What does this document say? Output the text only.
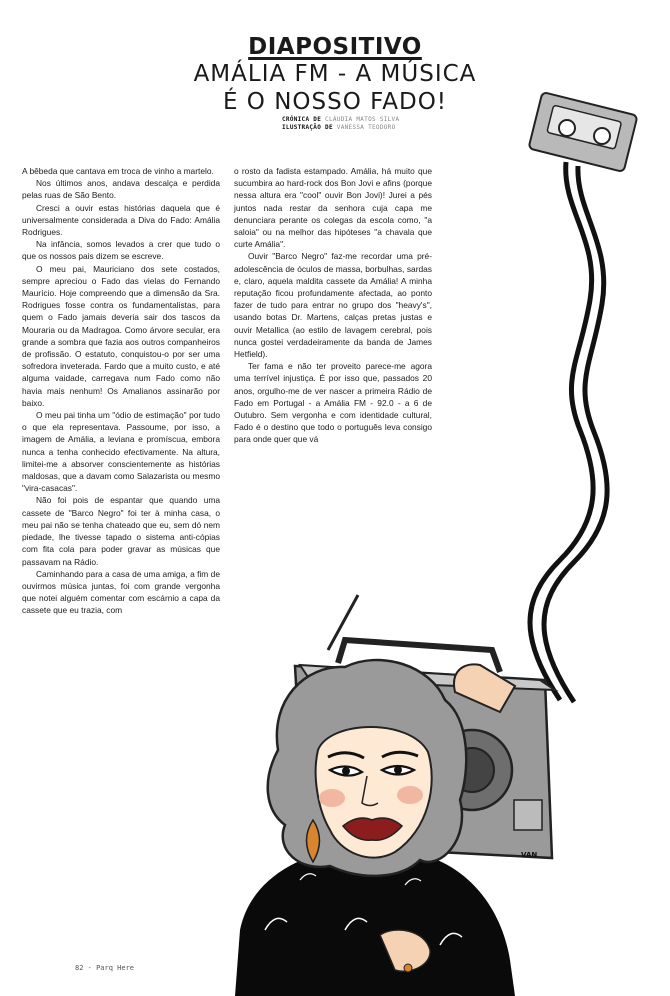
DIAPOSITIVO
AMÁLIA FM - A MÚSICA
É O NOSSO FADO!
CRÓNICA DE CLÁUDIA MATOS SILVA
ILUSTRAÇÃO DE VANESSA TEODORO

A bêbeda que cantava em troca de vinho a martelo.

Nos últimos anos, andava descalça e perdida pelas ruas de São Bento.

Cresci a ouvir estas histórias daquela que é universalmente considerada a Diva do Fado: Amália Rodrigues.

Na infância, somos levados a crer que tudo o que os nossos pais dizem se escreve.

O meu pai, Mauriciano dos sete costados, sempre apreciou o Fado das vielas do Fernando Maurício. Hoje compreendo que a dimensão da Sra. Rodrigues fosse contra os fundamentalistas, para quem o Fado jamais deveria sair dos tascos da Mouraria ou da Madragoa. Como árvore secular, era grande a sombra que fazia aos outros companheiros de profissão. O estatuto, conquistou-o por ser uma sofredora inveterada. Fardo que a muito custo, e até alguma vaidade, carregava num Fado como não havia mais nenhum! Os Amalianos assinarão por baixo.

O meu pai tinha um "ódio de estimação" por tudo o que ela representava. Passoume, por isso, a imagem de Amália, a leviana e promíscua, embora nunca a tenha conhecido efectivamente. Na altura, limitei-me a absorver conscientemente as histórias maldosas, que a davam como Salazarista ou mesmo "vira-casacas".

Não foi pois de espantar que quando uma cassete de "Barco Negro" foi ter à minha casa, o meu pai não se tenha chateado que eu, sem dó nem piedade, lhe tivesse tapado o sistema anti-cópias com fita cola para poder gravar as músicas que passavam na Rádio.

Caminhando para a casa de uma amiga, a fim de ouvirmos música juntas, foi com grande vergonha que notei alguém comentar com escárnio a capa da cassete que eu trazia, com

o rosto da fadista estampado. Amália, há muito que sucumbira ao hard-rock dos Bon Jovi e afins (porque nessa altura era "cool" ouvir Bon Jovi)! Jurei a pés juntos nada restar da senhora cuja capa me denunciara perante os colegas da escola como, "a saloia" ou na melhor das hipóteses "a chavala que curte Amália".

Ouvir "Barco Negro" faz-me recordar uma pré-adolescência de óculos de massa, borbulhas, sardas e, claro, aquela maldita cassete da Amália! A minha reputação ficou profundamente afectada, ao ponto fazer de tudo para entrar no grupo dos "heavy's", usando botas Dr. Martens, calças pretas justas e ouvir Metallica (ao estilo de lavagem cerebral, pois nunca gostei verdadeiramente da banda de James Hetfield).

Ter fama e não ter proveito parece-me agora uma terrível injustiça. É por isso que, passados 20 anos, orgulho-me de ver nascer a primeira Rádio de Fado em Portugal - a Amália FM - 92.0 - a 6 de Outubro. Sem vergonha e com identidade cultural, Fado é o destino que todo o português leva consigo para onde quer que vá

VAN
82 - Parq Here
